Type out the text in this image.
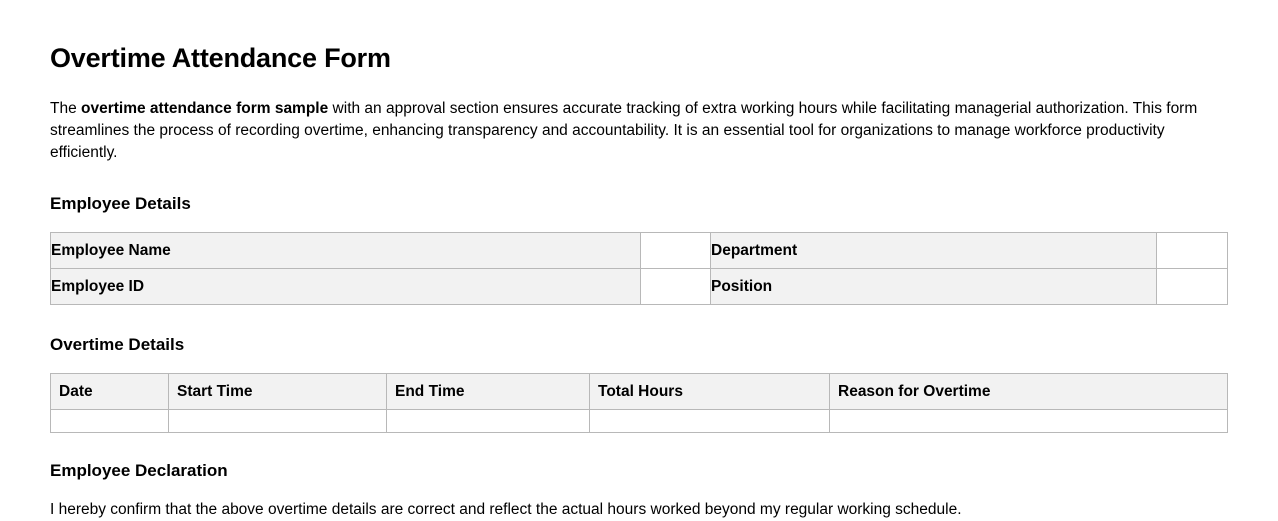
Overtime Attendance Form

The overtime attendance form sample with an approval section ensures accurate tracking of extra working hours while facilitating managerial authorization. This form streamlines the process of recording overtime, enhancing transparency and accountability. It is an essential tool for organizations to manage workforce productivity efficiently.

Employee Details
Employee Name		Department	
Employee ID		Position	
Overtime Details
Date	Start Time	End Time	Total Hours	Reason for Overtime

Employee Declaration

I hereby confirm that the above overtime details are correct and reflect the actual hours worked beyond my regular working schedule.
